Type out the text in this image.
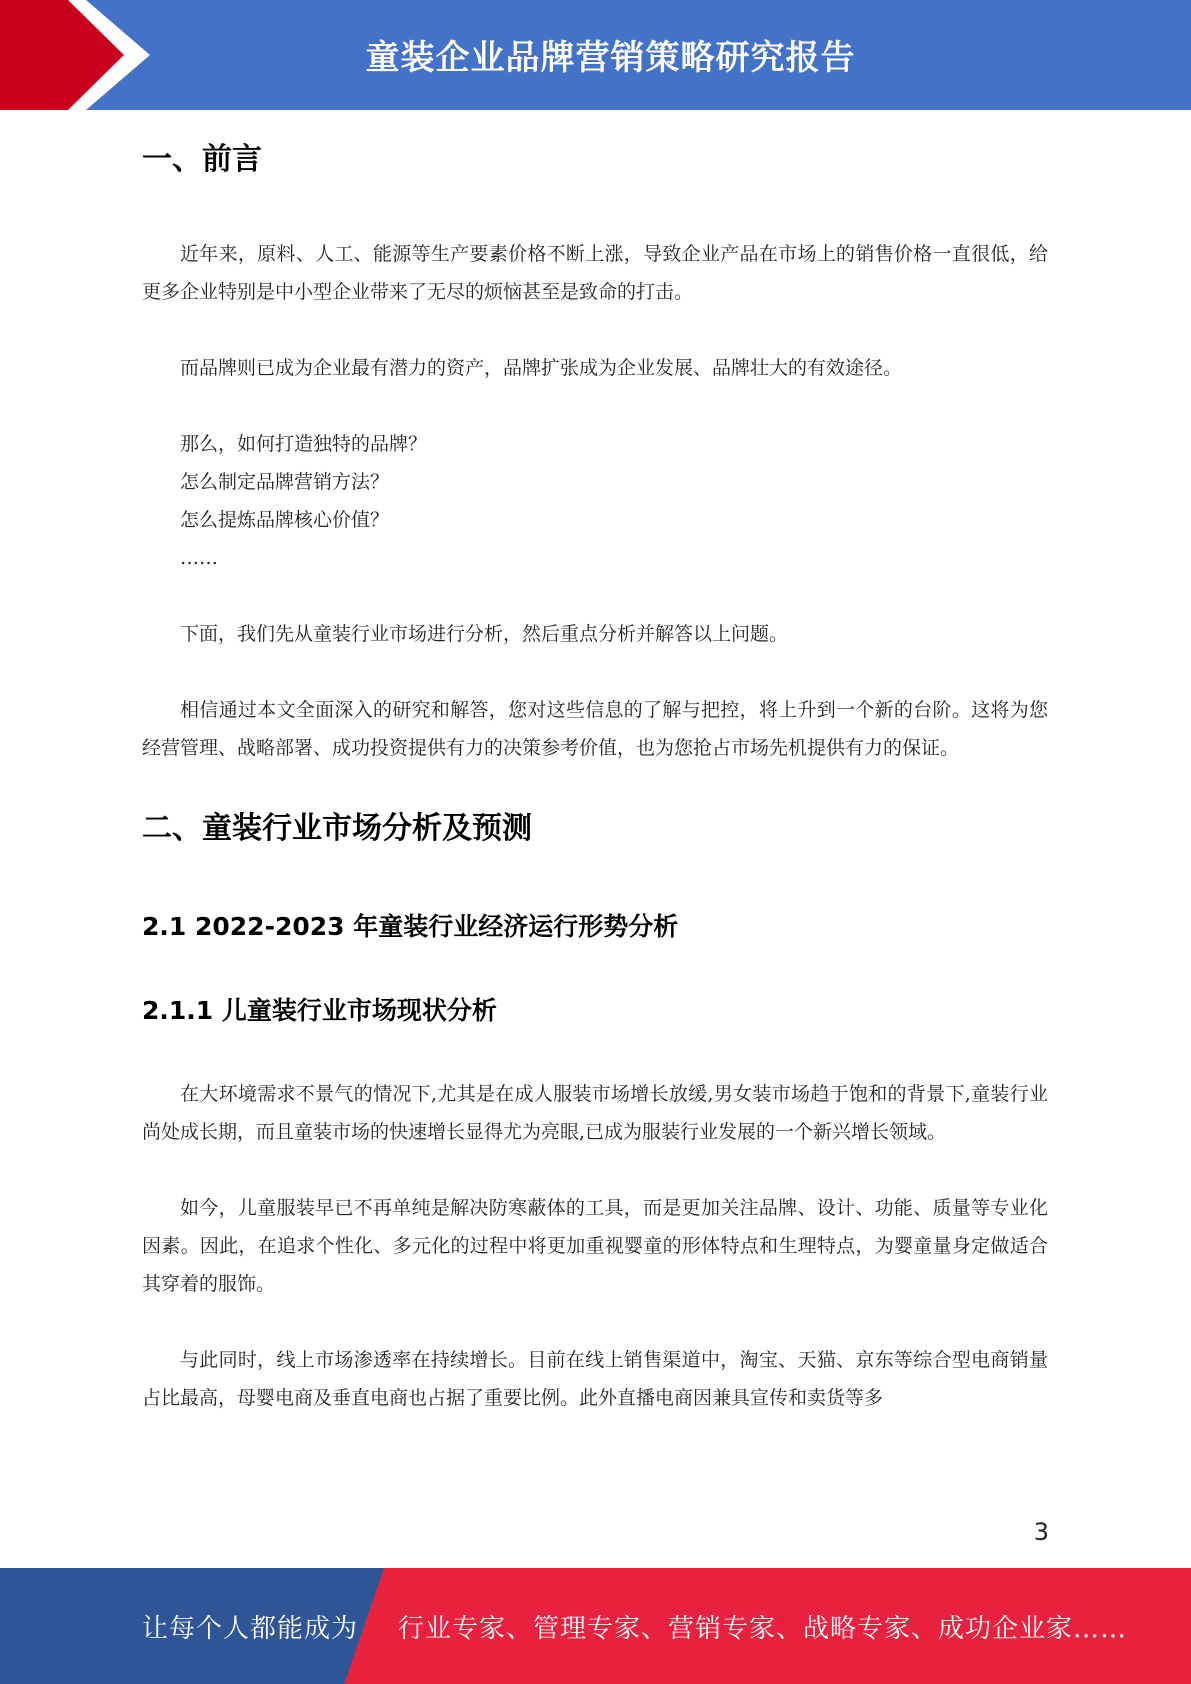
童装企业品牌营销策略研究报告
一、前言

近年来，原料、人工、能源等生产要素价格不断上涨，导致企业产品在市场上的销售价格一直很低，给更多企业特别是中小型企业带来了无尽的烦恼甚至是致命的打击。

而品牌则已成为企业最有潜力的资产，品牌扩张成为企业发展、品牌壮大的有效途径。

那么，如何打造独特的品牌？

怎么制定品牌营销方法？

怎么提炼品牌核心价值？

……

下面，我们先从童装行业市场进行分析，然后重点分析并解答以上问题。

相信通过本文全面深入的研究和解答，您对这些信息的了解与把控，将上升到一个新的台阶。这将为您经营管理、战略部署、成功投资提供有力的决策参考价值，也为您抢占市场先机提供有力的保证。

二、童装行业市场分析及预测
2.1 2022-2023 年童装行业经济运行形势分析
2.1.1 儿童装行业市场现状分析

在大环境需求不景气的情况下,尤其是在成人服装市场增长放缓,男女装市场趋于饱和的背景下,童装行业尚处成长期，而且童装市场的快速增长显得尤为亮眼,已成为服装行业发展的一个新兴增长领域。

如今，儿童服装早已不再单纯是解决防寒蔽体的工具，而是更加关注品牌、设计、功能、质量等专业化因素。因此，在追求个性化、多元化的过程中将更加重视婴童的形体特点和生理特点，为婴童量身定做适合其穿着的服饰。

与此同时，线上市场渗透率在持续增长。目前在线上销售渠道中，淘宝、天猫、京东等综合型电商销量占比最高，母婴电商及垂直电商也占据了重要比例。此外直播电商因兼具宣传和卖货等多

3
让每个人都能成为 行业专家、管理专家、营销专家、战略专家、成功企业家……
